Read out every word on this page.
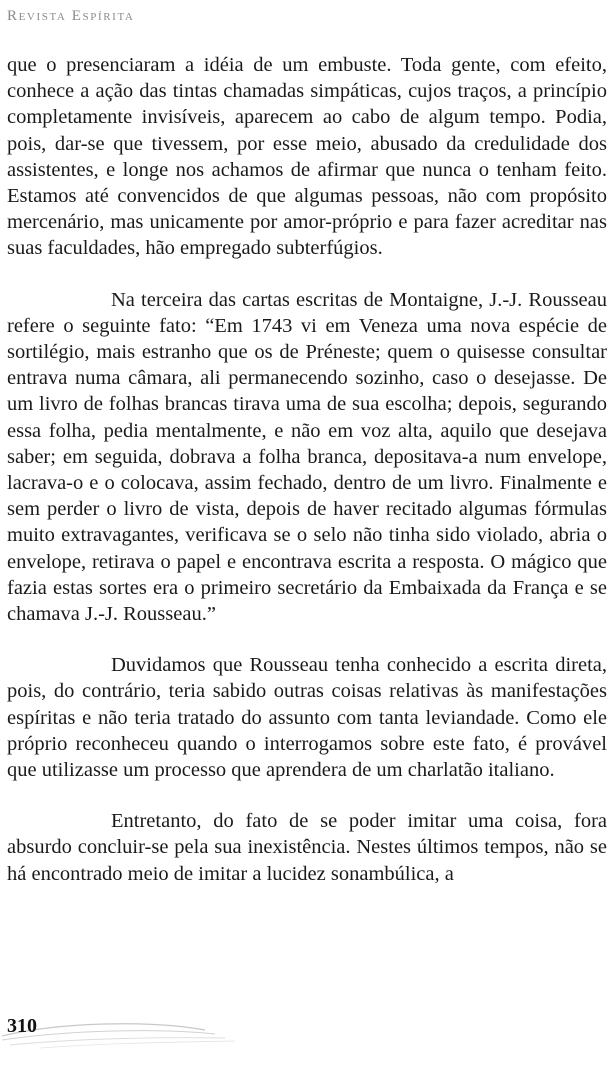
Revista Espírita

que o presenciaram a idéia de um embuste. Toda gente, com efeito, conhece a ação das tintas chamadas simpáticas, cujos traços, a princípio completamente invisíveis, aparecem ao cabo de algum tempo. Podia, pois, dar-se que tivessem, por esse meio, abusado da credulidade dos assistentes, e longe nos achamos de afirmar que nunca o tenham feito. Estamos até convencidos de que algumas pessoas, não com propósito mercenário, mas unicamente por amor-próprio e para fazer acreditar nas suas faculdades, hão empregado subterfúgios.

Na terceira das cartas escritas de Montaigne, J.-J. Rousseau refere o seguinte fato: “Em 1743 vi em Veneza uma nova espécie de sortilégio, mais estranho que os de Préneste; quem o quisesse consultar entrava numa câmara, ali permanecendo sozinho, caso o desejasse. De um livro de folhas brancas tirava uma de sua escolha; depois, segurando essa folha, pedia mentalmente, e não em voz alta, aquilo que desejava saber; em seguida, dobrava a folha branca, depositava-a num envelope, lacrava-o e o colocava, assim fechado, dentro de um livro. Finalmente e sem perder o livro de vista, depois de haver recitado algumas fórmulas muito extravagantes, verificava se o selo não tinha sido violado, abria o envelope, retirava o papel e encontrava escrita a resposta. O mágico que fazia estas sortes era o primeiro secretário da Embaixada da França e se chamava J.-J. Rousseau.”

Duvidamos que Rousseau tenha conhecido a escrita direta, pois, do contrário, teria sabido outras coisas relativas às manifestações espíritas e não teria tratado do assunto com tanta leviandade. Como ele próprio reconheceu quando o interrogamos sobre este fato, é provável que utilizasse um processo que aprendera de um charlatão italiano.

Entretanto, do fato de se poder imitar uma coisa, fora absurdo concluir-se pela sua inexistência. Nestes últimos tempos, não se há encontrado meio de imitar a lucidez sonambúlica, a

310
